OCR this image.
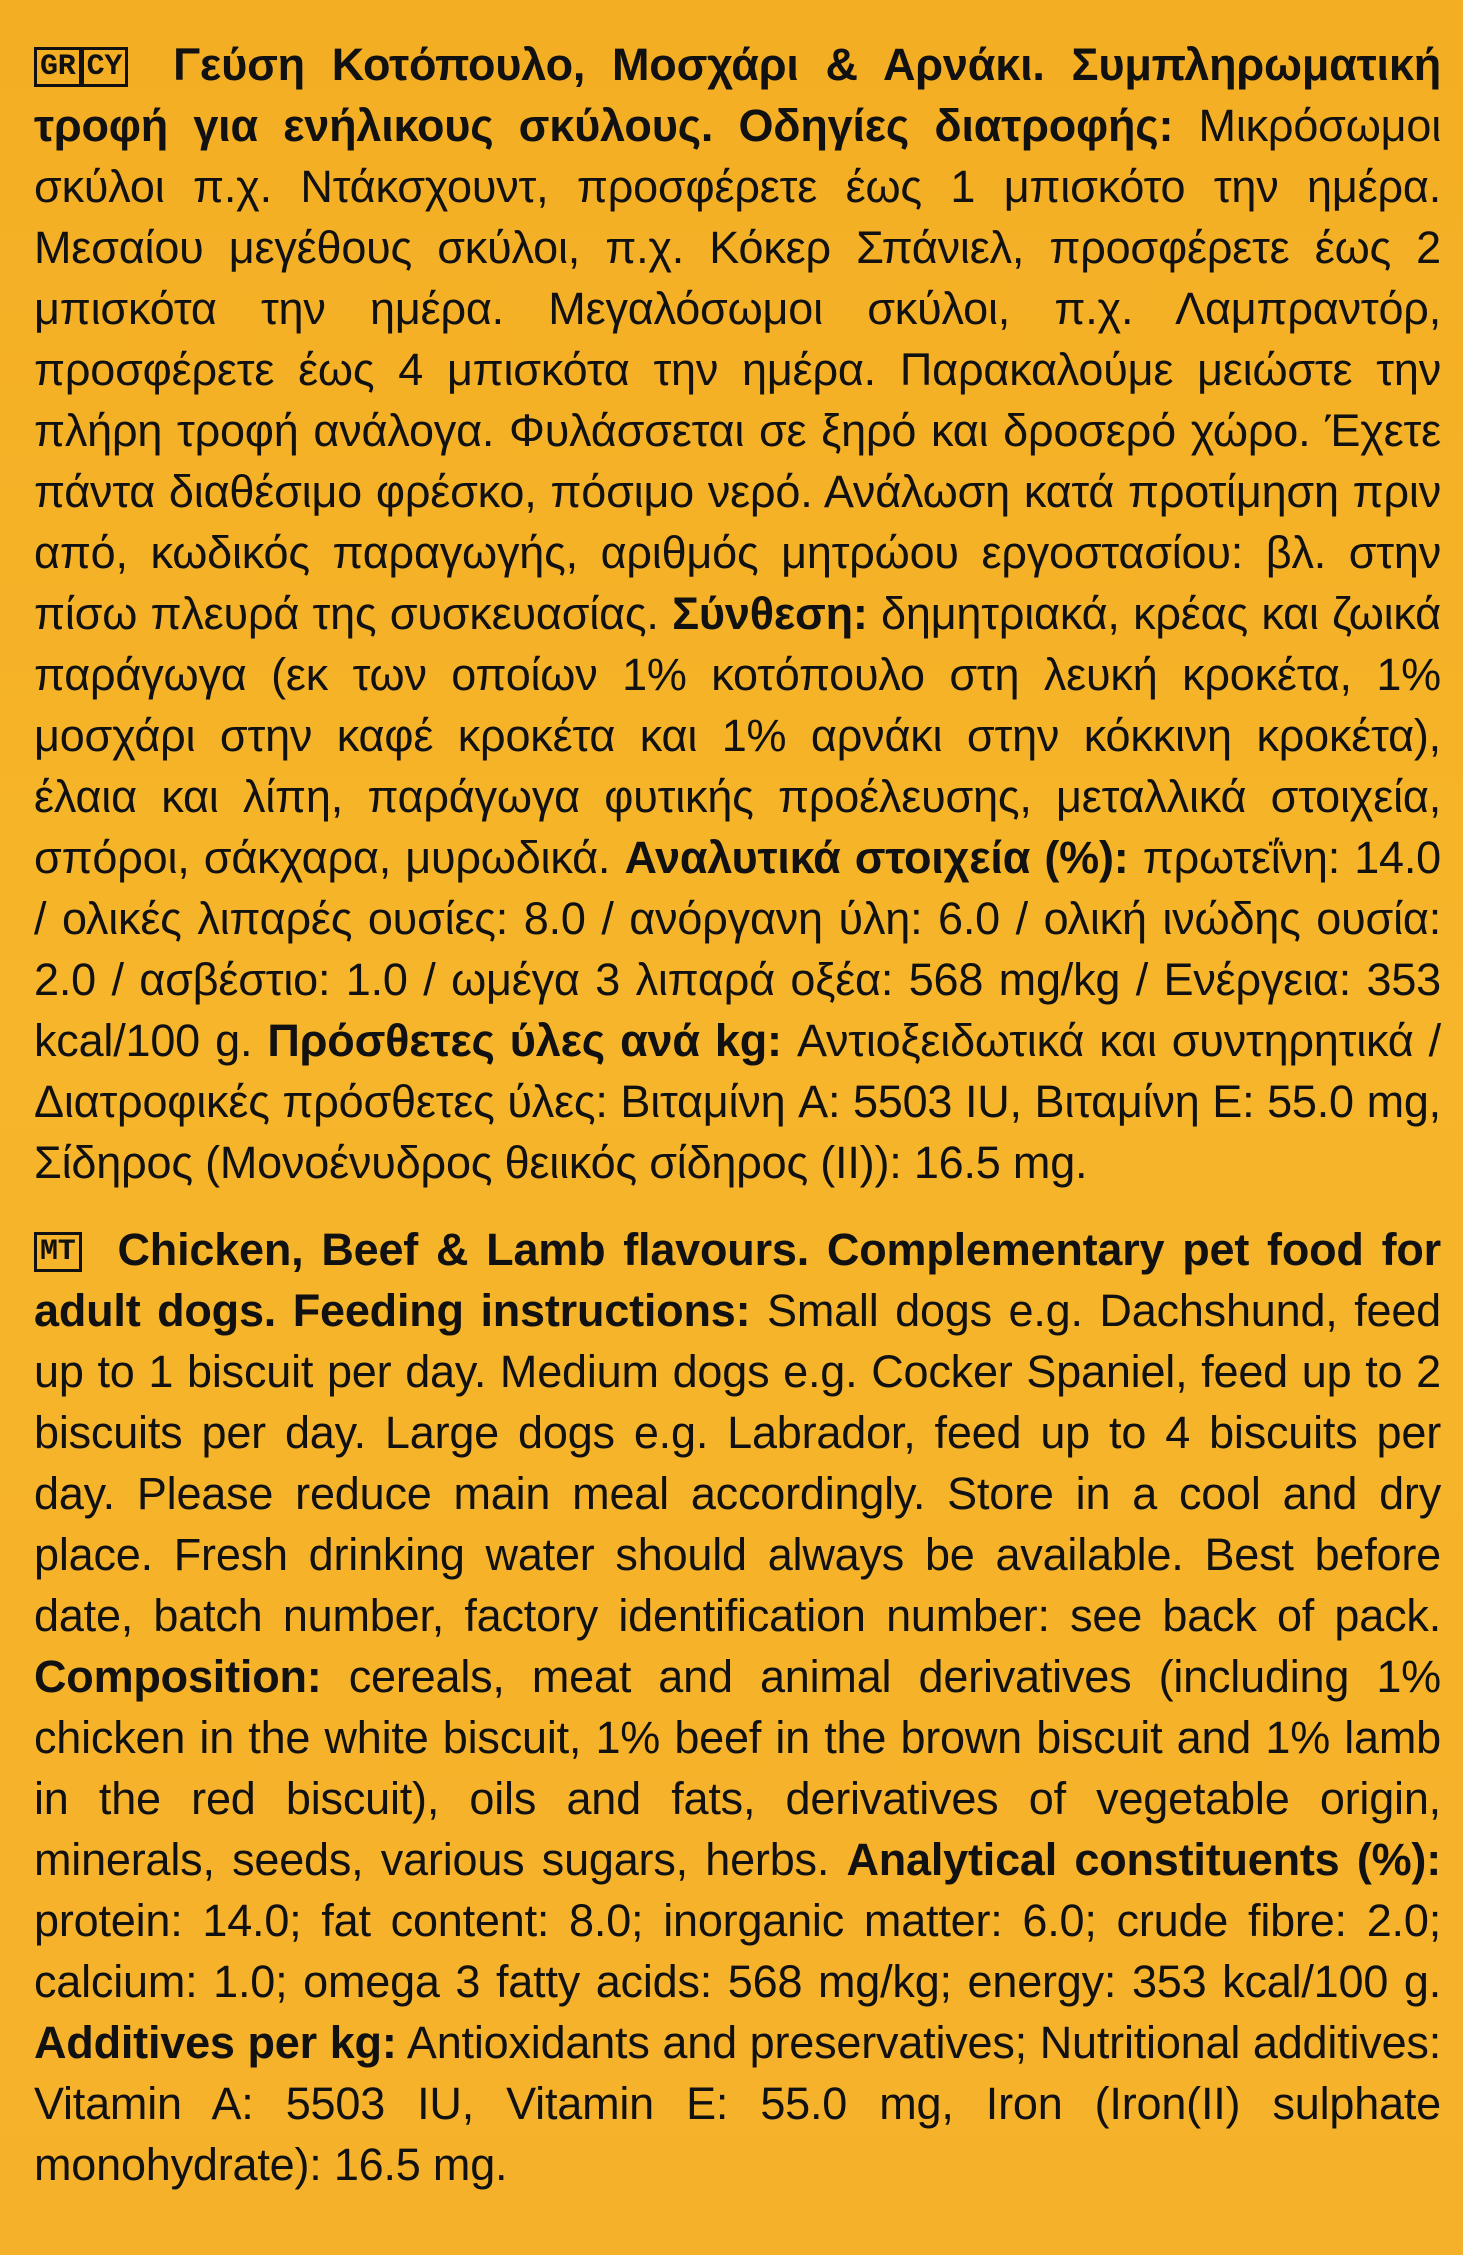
GR CY Γεύση Κοτόπουλο, Μοσχάρι & Αρνάκι. Συμπληρωματική τροφή για ενήλικους σκύλους. Οδηγίες διατροφής: Μικρόσωμοι σκύλοι π.χ. Ντάκσχουντ, προσφέρετε έως 1 μπισκότο την ημέρα. Μεσαίου μεγέθους σκύλοι, π.χ. Κόκερ Σπάνιελ, προσφέρετε έως 2 μπισκότα την ημέρα. Μεγαλόσωμοι σκύλοι, π.χ. Λαμπραντόρ, προσφέρετε έως 4 μπισκότα την ημέρα. Παρακαλούμε μειώστε την πλήρη τροφή ανάλογα. Φυλάσσεται σε ξηρό και δροσερό χώρο. Έχετε πάντα διαθέσιμο φρέσκο, πόσιμο νερό. Ανάλωση κατά προτίμηση πριν από, κωδικός παραγωγής, αριθμός μητρώου εργοστασίου: βλ. στην πίσω πλευρά της συσκευασίας. Σύνθεση: δημητριακά, κρέας και ζωικά παράγωγα (εκ των οποίων 1% κοτόπουλο στη λευκή κροκέτα, 1% μοσχάρι στην καφέ κροκέτα και 1% αρνάκι στην κόκκινη κροκέτα), έλαια και λίπη, παράγωγα φυτικής προέλευσης, μεταλλικά στοιχεία, σπόροι, σάκχαρα, μυρωδικά. Αναλυτικά στοιχεία (%): πρωτεΐνη: 14.0 / ολικές λιπαρές ουσίες: 8.0 / ανόργανη ύλη: 6.0 / ολική ινώδης ουσία: 2.0 / ασβέστιο: 1.0 / ωμέγα 3 λιπαρά οξέα: 568 mg/kg / Ενέργεια: 353 kcal/100 g. Πρόσθετες ύλες ανά kg: Αντιοξειδωτικά και συντηρητικά / Διατροφικές πρόσθετες ύλες: Βιταμίνη A: 5503 IU, Βιταμίνη E: 55.0 mg, Σίδηρος (Μονοένυδρος θειικός σίδηρος (II)): 16.5 mg.

MT Chicken, Beef & Lamb flavours. Complementary pet food for adult dogs. Feeding instructions: Small dogs e.g. Dachshund, feed up to 1 biscuit per day. Medium dogs e.g. Cocker Spaniel, feed up to 2 biscuits per day. Large dogs e.g. Labrador, feed up to 4 biscuits per day. Please reduce main meal accordingly. Store in a cool and dry place. Fresh drinking water should always be available. Best before date, batch number, factory identification number: see back of pack. Composition: cereals, meat and animal derivatives (including 1% chicken in the white biscuit, 1% beef in the brown biscuit and 1% lamb in the red biscuit), oils and fats, derivatives of vegetable origin, minerals, seeds, various sugars, herbs. Analytical constituents (%): protein: 14.0; fat content: 8.0; inorganic matter: 6.0; crude fibre: 2.0; calcium: 1.0; omega 3 fatty acids: 568 mg/kg; energy: 353 kcal/100 g. Additives per kg: Antioxidants and preservatives; Nutritional additives: Vitamin A: 5503 IU, Vitamin E: 55.0 mg, Iron (Iron(II) sulphate monohydrate): 16.5 mg.
